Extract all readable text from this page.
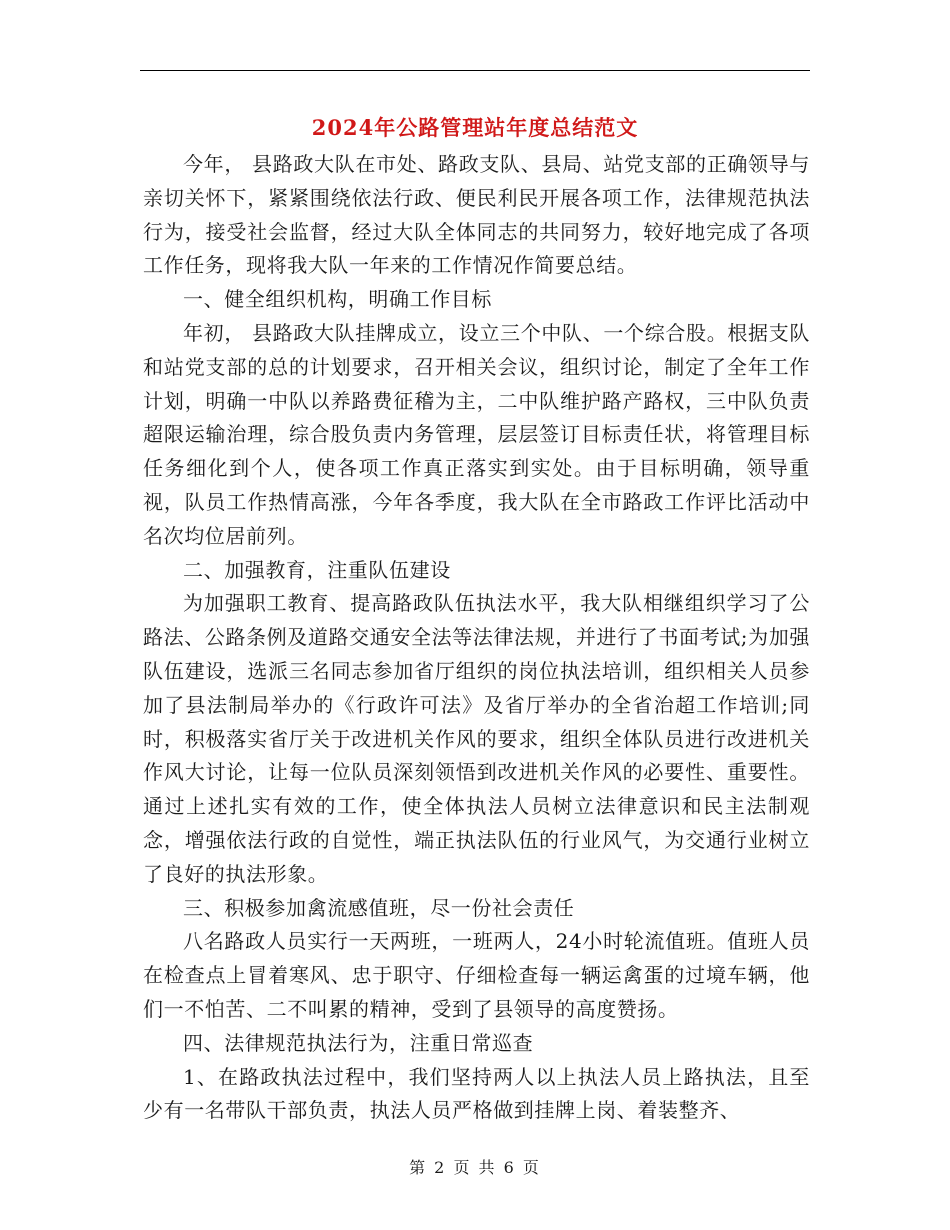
2024年公路管理站年度总结范文

今年， 县路政大队在市处、路政支队、县局、站党支部的正确领导与亲切关怀下，紧紧围绕依法行政、便民利民开展各项工作，法律规范执法行为，接受社会监督，经过大队全体同志的共同努力，较好地完成了各项工作任务，现将我大队一年来的工作情况作简要总结。

一、健全组织机构，明确工作目标

年初， 县路政大队挂牌成立，设立三个中队、一个综合股。根据支队和站党支部的总的计划要求，召开相关会议，组织讨论，制定了全年工作计划，明确一中队以养路费征稽为主，二中队维护路产路权，三中队负责超限运输治理，综合股负责内务管理，层层签订目标责任状，将管理目标任务细化到个人，使各项工作真正落实到实处。由于目标明确，领导重视，队员工作热情高涨，今年各季度，我大队在全市路政工作评比活动中名次均位居前列。

二、加强教育，注重队伍建设

为加强职工教育、提高路政队伍执法水平，我大队相继组织学习了公路法、公路条例及道路交通安全法等法律法规，并进行了书面考试;为加强队伍建设，选派三名同志参加省厅组织的岗位执法培训，组织相关人员参加了县法制局举办的《行政许可法》及省厅举办的全省治超工作培训;同时，积极落实省厅关于改进机关作风的要求，组织全体队员进行改进机关作风大讨论，让每一位队员深刻领悟到改进机关作风的必要性、重要性。通过上述扎实有效的工作，使全体执法人员树立法律意识和民主法制观念，增强依法行政的自觉性，端正执法队伍的行业风气，为交通行业树立了良好的执法形象。

三、积极参加禽流感值班，尽一份社会责任

八名路政人员实行一天两班，一班两人，24小时轮流值班。值班人员在检查点上冒着寒风、忠于职守、仔细检查每一辆运禽蛋的过境车辆，他们一不怕苦、二不叫累的精神，受到了县领导的高度赞扬。

四、法律规范执法行为，注重日常巡查

1、在路政执法过程中，我们坚持两人以上执法人员上路执法，且至少有一名带队干部负责，执法人员严格做到挂牌上岗、着装整齐、

第 2 页 共 6 页
